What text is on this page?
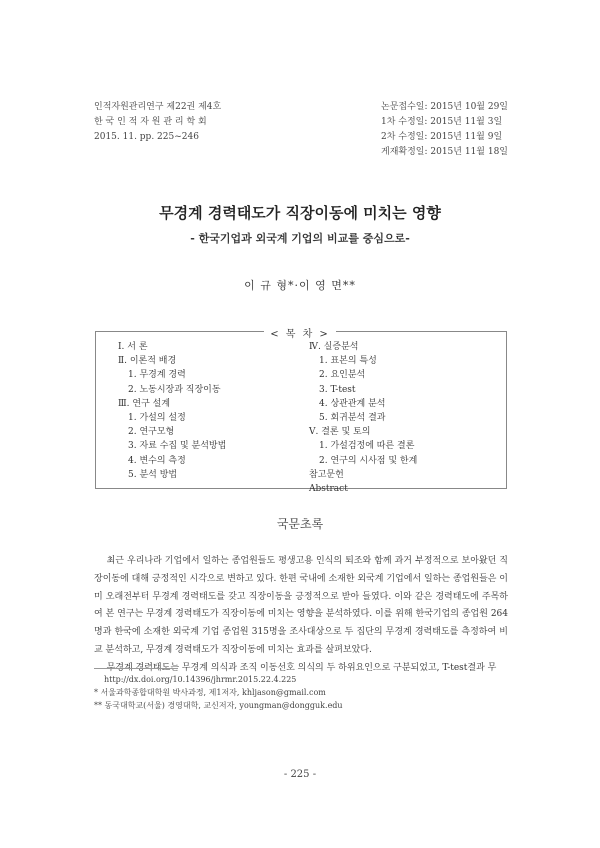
인적자원관리연구 제22권 제4호
한 국 인 적 자 원 관 리 학 회
2015. 11. pp. 225~246
논문접수일: 2015년 10월 29일
1차 수정일: 2015년 11월 3일
2차 수정일: 2015년 11월 9일
게재확정일: 2015년 11월 18일
무경계 경력태도가 직장이동에 미치는 영향
- 한국기업과 외국계 기업의 비교를 중심으로-
이 규 형*·이 영 면**
< 목 차 >
Ⅰ. 서 론
Ⅱ. 이론적 배경
1. 무경계 경력
2. 노동시장과 직장이동
Ⅲ. 연구 설계
1. 가설의 설정
2. 연구모형
3. 자료 수집 및 분석방법
4. 변수의 측정
5. 분석 방법
Ⅳ. 실증분석
1. 표본의 특성
2. 요인분석
3. T-test
4. 상관관계 분석
5. 회귀분석 결과
Ⅴ. 결론 및 토의
1. 가설검정에 따른 결론
2. 연구의 시사점 및 한계
참고문헌
Abstract
국문초록

최근 우리나라 기업에서 일하는 종업원들도 평생고용 인식의 퇴조와 함께 과거 부정적으로 보아왔던 직장이동에 대해 긍정적인 시각으로 변하고 있다. 한편 국내에 소재한 외국계 기업에서 일하는 종업원들은 이미 오래전부터 무경계 경력태도를 갖고 직장이동을 긍정적으로 받아 들였다. 이와 같은 경력태도에 주목하여 본 연구는 무경계 경력태도가 직장이동에 미치는 영향을 분석하였다. 이를 위해 한국기업의 종업원 264명과 한국에 소재한 외국계 기업 종업원 315명을 조사대상으로 두 집단의 무경계 경력태도를 측정하여 비교 분석하고, 무경계 경력태도가 직장이동에 미치는 효과를 살펴보았다.

무경계 경력태도는 무경계 의식과 조직 이동선호 의식의 두 하위요인으로 구분되었고, T-test결과 무

http://dx.doi.org/10.14396/jhrmr.2015.22.4.225
* 서울과학종합대학원 박사과정, 제1저자, khljason@gmail.com
** 동국대학교(서울) 경영대학, 교신저자, youngman@dongguk.edu
- 225 -
